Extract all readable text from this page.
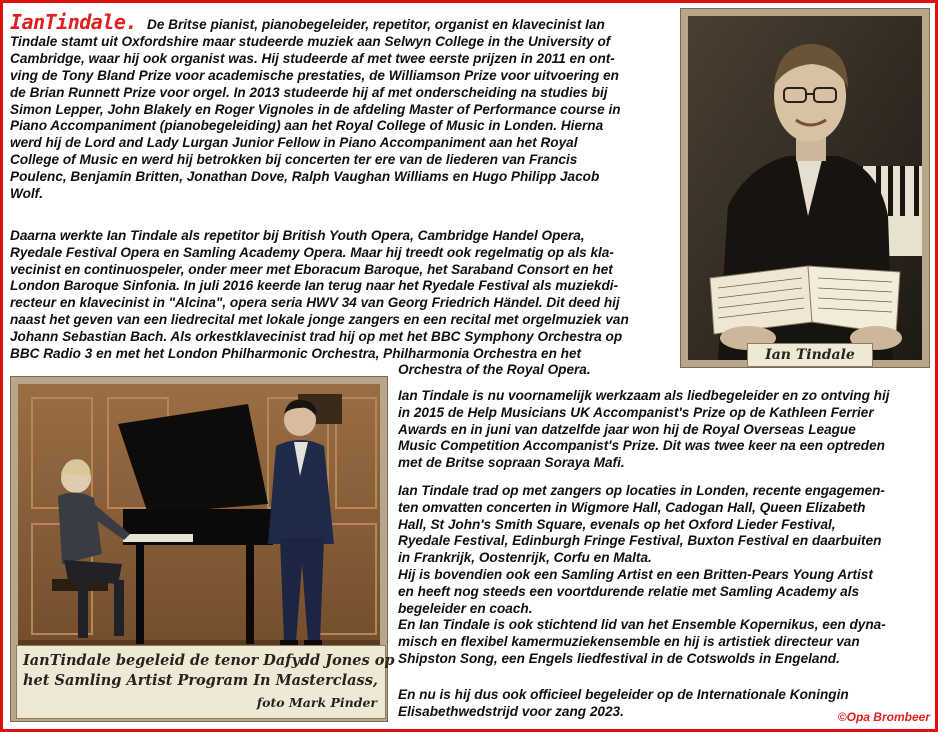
IanTindale. De Britse pianist, pianobegeleider, repetitor, organist en klavecinist Ian
Tindale stamt uit Oxfordshire maar studeerde muziek aan Selwyn College in the University of
Cambridge, waar hij ook organist was. Hij studeerde af met twee eerste prijzen in 2011 en ont-
ving de Tony Bland Prize voor academische prestaties, de Williamson Prize voor uitvoering en
de Brian Runnett Prize voor orgel. In 2013 studeerde hij af met onderscheiding na studies bij
Simon Lepper, John Blakely en Roger Vignoles in de afdeling Master of Performance course in
Piano Accompaniment (pianobegeleiding) aan het Royal College of Music in Londen. Hierna
werd hij de Lord and Lady Lurgan Junior Fellow in Piano Accompaniment aan het Royal
College of Music en werd hij betrokken bij concerten ter ere van de liederen van Francis
Poulenc, Benjamin Britten, Jonathan Dove, Ralph Vaughan Williams en Hugo Philipp Jacob
Wolf.
Daarna werkte Ian Tindale als repetitor bij British Youth Opera, Cambridge Handel Opera,
Ryedale Festival Opera en Samling Academy Opera. Maar hij treedt ook regelmatig op als kla-
vecinist en continuospeler, onder meer met Eboracum Baroque, het Saraband Consort en het
London Baroque Sinfonia. In juli 2016 keerde Ian terug naar het Ryedale Festival als muziekdi-
recteur en klavecinist in "Alcina", opera seria HWV 34 van Georg Friedrich Händel. Dit deed hij
naast het geven van een liedrecital met lokale jonge zangers en een recital met orgelmuziek van
Johann Sebastian Bach. Als orkestklavecinist trad hij op met het BBC Symphony Orchestra op
BBC Radio 3 en met het London Philharmonic Orchestra, Philharmonia Orchestra en het
Orchestra of the Royal Opera.
Ian Tindale is nu voornamelijk werkzaam als liedbegeleider en zo ontving hij
in 2015 de Help Musicians UK Accompanist's Prize op de Kathleen Ferrier
Awards en in juni van datzelfde jaar won hij de Royal Overseas League
Music Competition Accompanist's Prize. Dit was twee keer na een optreden
met de Britse sopraan Soraya Mafi.
Ian Tindale trad op met zangers op locaties in Londen, recente engagemen-
ten omvatten concerten in Wigmore Hall, Cadogan Hall, Queen Elizabeth
Hall, St John's Smith Square, evenals op het Oxford Lieder Festival,
Ryedale Festival, Edinburgh Fringe Festival, Buxton Festival en daarbuiten
in Frankrijk, Oostenrijk, Corfu en Malta.
Hij is bovendien ook een Samling Artist en een Britten-Pears Young Artist
en heeft nog steeds een voortdurende relatie met Samling Academy als
begeleider en coach.
En Ian Tindale is ook stichtend lid van het Ensemble Kopernikus, een dyna-
misch en flexibel kamermuziekensemble en hij is artistiek directeur van
Shipston Song, een Engels liedfestival in de Cotswolds in Engeland.
En nu is hij dus ook officieel begeleider op de Internationale Koningin
Elisabethwedstrijd voor zang 2023.
Ian Tindale
IanTindale begeleid de tenor Dafydd Jones op
het Samling Artist Program In Masterclass,
foto Mark Pinder
©Opa Brombeer
